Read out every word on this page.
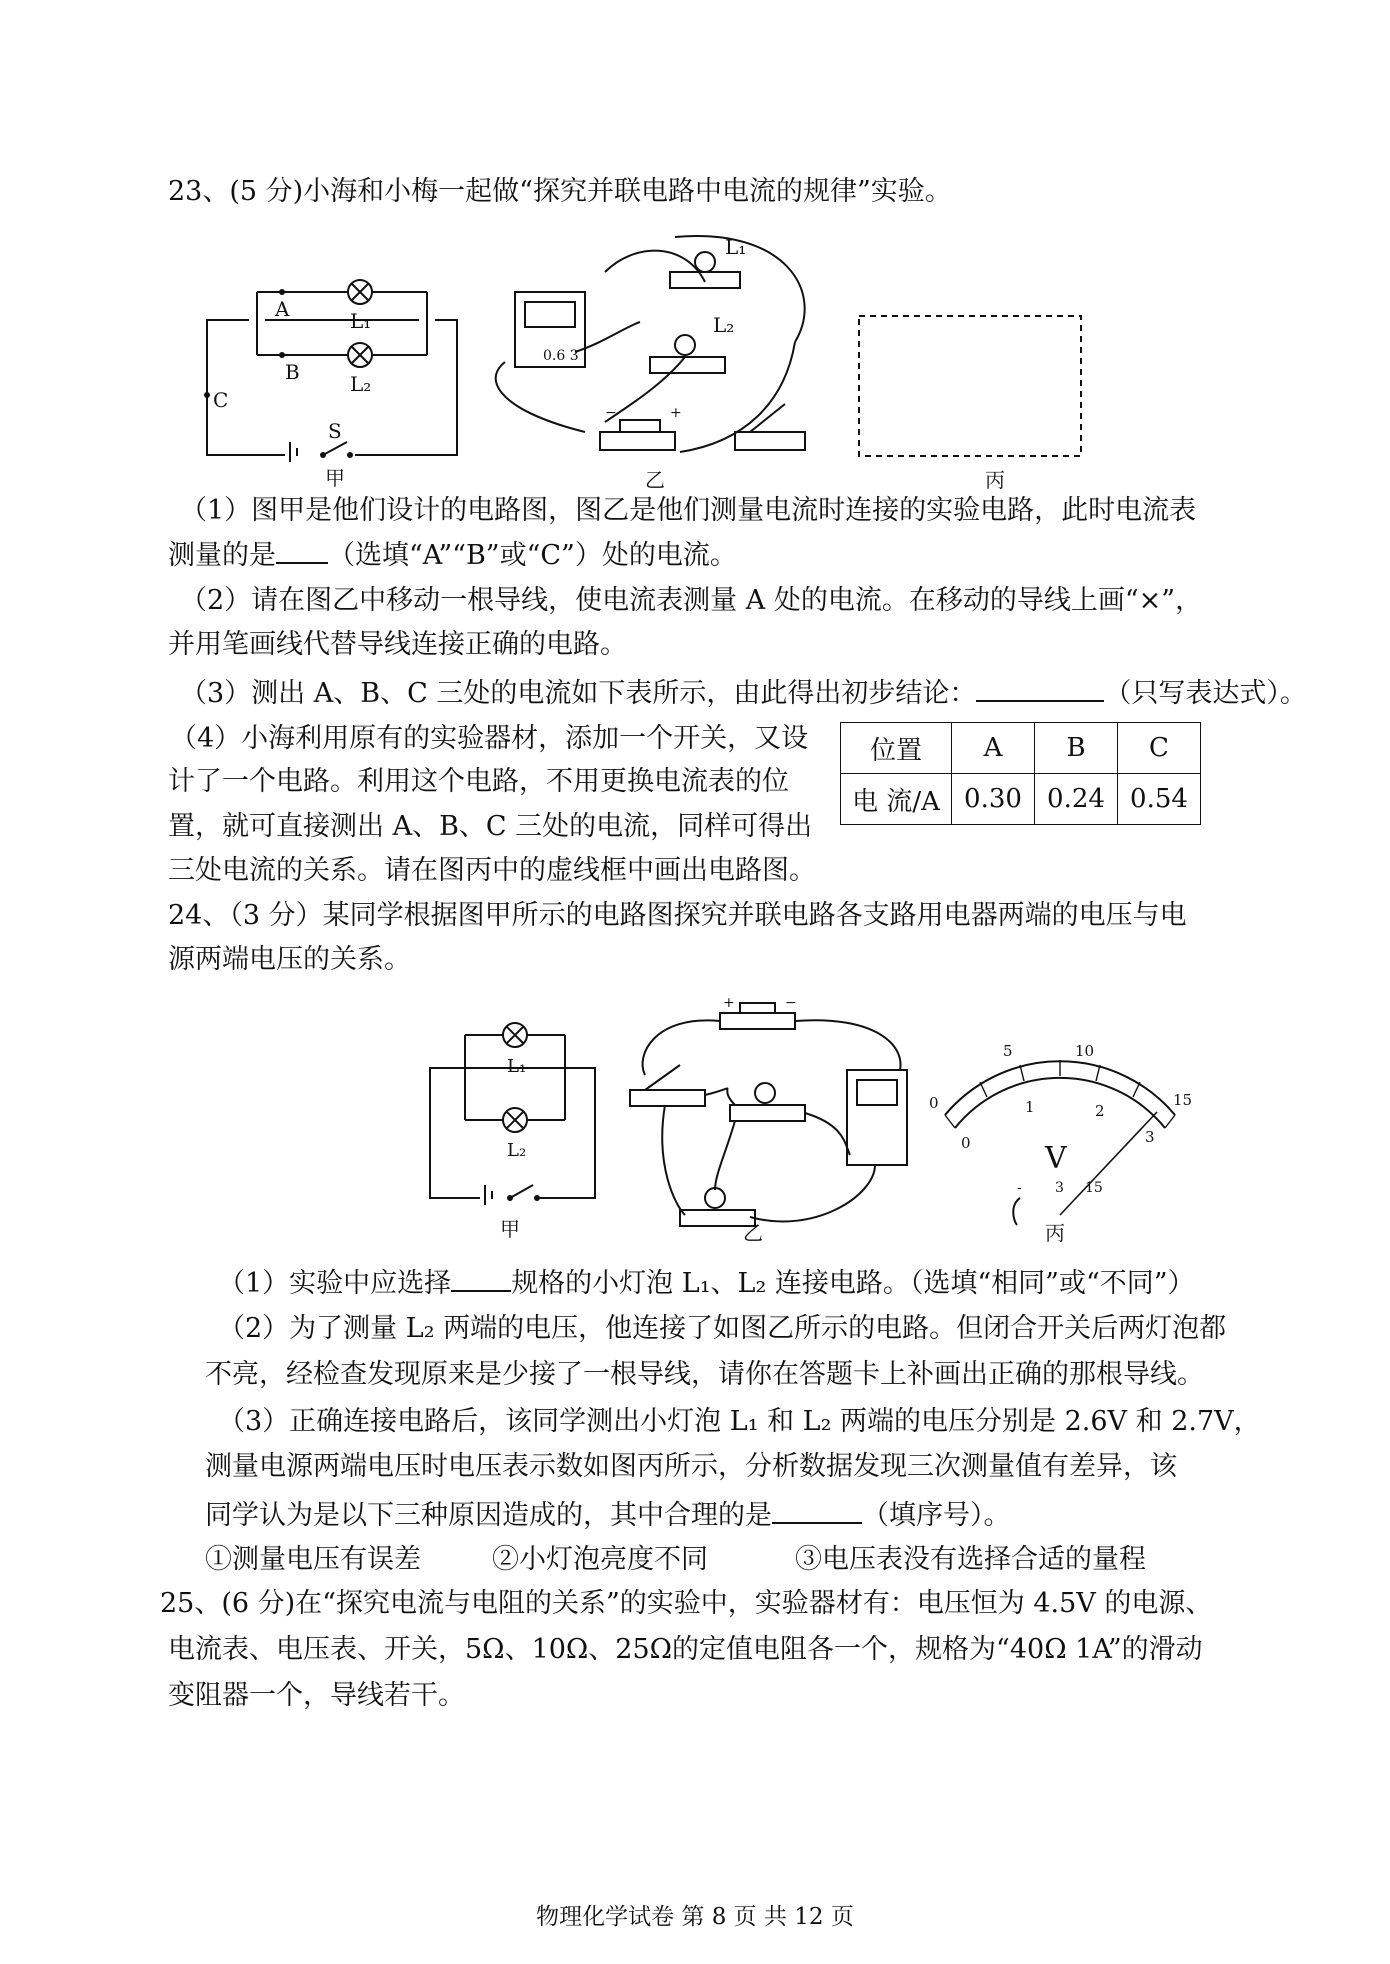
23、(5 分)小海和小梅一起做“探究并联电路中电流的规律”实验。
A
B
C
L₁
L₂
S
甲
L₁
L₂
0.6 3
−	+
乙	丙
（1）图甲是他们设计的电路图，图乙是他们测量电流时连接的实验电路，此时电流表
测量的是 （选填“A”“B”或“C”）处的电流。
（2）请在图乙中移动一根导线，使电流表测量 A 处的电流。在移动的导线上画“×”，
并用笔画线代替导线连接正确的电路。
（3）测出 A、B、C 三处的电流如下表所示，由此得出初步结论：	（只写表达式）。
（4）小海利用原有的实验器材，添加一个开关，又设
计了一个电路。利用这个电路，不用更换电流表的位
置，就可直接测出 A、B、C 三处的电流，同样可得出
三处电流的关系。请在图丙中的虚线框中画出电路图。
位置	A	B	C
电 流/A	0.30	0.24	0.54
24、（3 分）某同学根据图甲所示的电路图探究并联电路各支路用电器两端的电压与电
源两端电压的关系。
L₁
L₂
甲
+	−
乙
0
5	10
15
0
1	2
3
V
- 3 15
丙
（1）实验中应选择 规格的小灯泡 L₁、L₂ 连接电路。（选填“相同”或“不同”）
（2）为了测量 L₂ 两端的电压，他连接了如图乙所示的电路。但闭合开关后两灯泡都
不亮，经检查发现原来是少接了一根导线，请你在答题卡上补画出正确的那根导线。
（3）正确连接电路后，该同学测出小灯泡 L₁ 和 L₂ 两端的电压分别是 2.6V 和 2.7V，
测量电源两端电压时电压表示数如图丙所示，分析数据发现三次测量值有差异，该
同学认为是以下三种原因造成的，其中合理的是	（填序号）。
①测量电压有误差	②小灯泡亮度不同	③电压表没有选择合适的量程
25、(6 分)在“探究电流与电阻的关系”的实验中，实验器材有：电压恒为 4.5V 的电源、
电流表、电压表、开关，5Ω、10Ω、25Ω的定值电阻各一个，规格为“40Ω 1A”的滑动
变阻器一个，导线若干。
物理化学试卷 第 8 页 共 12 页
